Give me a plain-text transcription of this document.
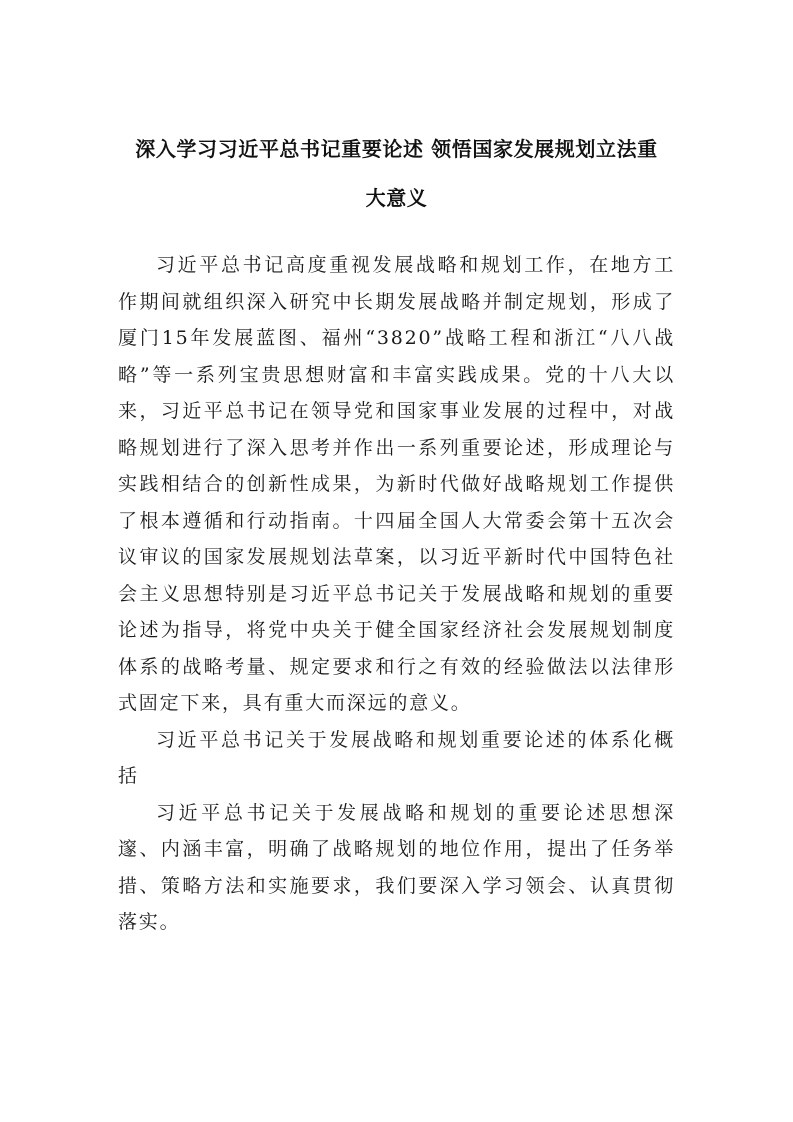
深入学习习近平总书记重要论述 领悟国家发展规划立法重
大意义

习近平总书记高度重视发展战略和规划工作，在地方工作期间就组织深入研究中长期发展战略并制定规划，形成了厦门15年发展蓝图、福州“3820”战略工程和浙江“八八战略”等一系列宝贵思想财富和丰富实践成果。党的十八大以来，习近平总书记在领导党和国家事业发展的过程中，对战略规划进行了深入思考并作出一系列重要论述，形成理论与实践相结合的创新性成果，为新时代做好战略规划工作提供了根本遵循和行动指南。十四届全国人大常委会第十五次会议审议的国家发展规划法草案，以习近平新时代中国特色社会主义思想特别是习近平总书记关于发展战略和规划的重要论述为指导，将党中央关于健全国家经济社会发展规划制度体系的战略考量、规定要求和行之有效的经验做法以法律形式固定下来，具有重大而深远的意义。

习近平总书记关于发展战略和规划重要论述的体系化概括

习近平总书记关于发展战略和规划的重要论述思想深邃、内涵丰富，明确了战略规划的地位作用，提出了任务举措、策略方法和实施要求，我们要深入学习领会、认真贯彻落实。
